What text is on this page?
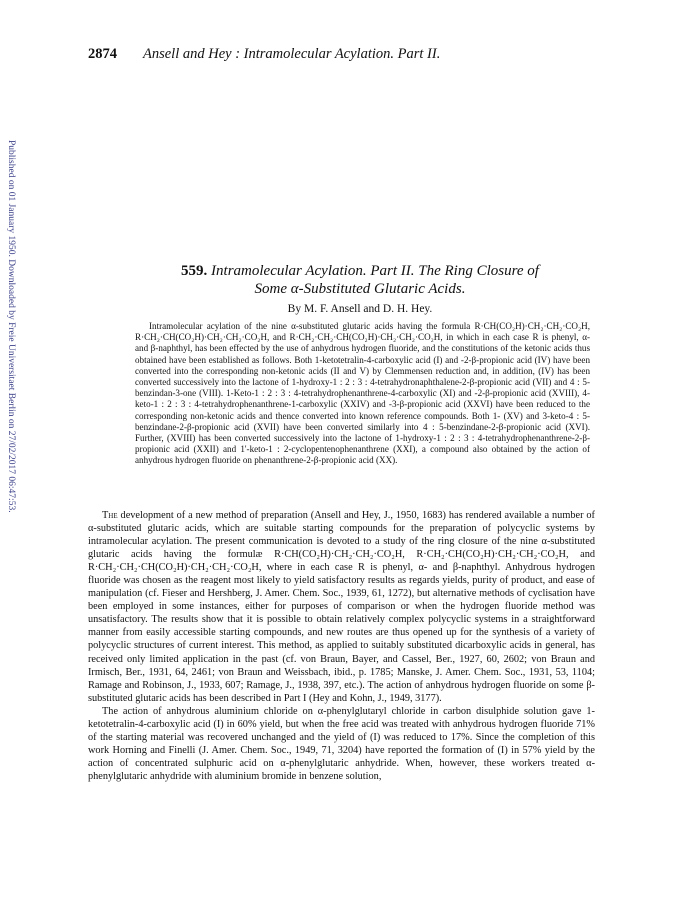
Published on 01 January 1950. Downloaded by Freie Universitaet Berlin on 27/02/2017 06:47:53.
2874 Ansell and Hey : Intramolecular Acylation. Part II.
559. Intramolecular Acylation. Part II. The Ring Closure of
Some α-Substituted Glutaric Acids.
By M. F. Ansell and D. H. Hey.

Intramolecular acylation of the nine α-substituted glutaric acids having the formula R·CH(CO₂H)·CH₂·CH₂·CO₂H, R·CH₂·CH(CO₂H)·CH₂·CH₂·CO₂H, and R·CH₂·CH₂·CH(CO₂H)·CH₂·CH₂·CO₂H, in which in each case R is phenyl, α- and β-naphthyl, has been effected by the use of anhydrous hydrogen fluoride, and the constitutions of the ketonic acids thus obtained have been established as follows. Both 1-ketotetralin-4-carboxylic acid (I) and -2-β-propionic acid (IV) have been converted into the corresponding non-ketonic acids (II and V) by Clemmensen reduction and, in addition, (IV) has been converted successively into the lactone of 1-hydroxy-1 : 2 : 3 : 4-tetrahydronaphthalene-2-β-propionic acid (VII) and 4 : 5-benzindan-3-one (VIII). 1-Keto-1 : 2 : 3 : 4-tetrahydrophenanthrene-4-carboxylic (XI) and -2-β-propionic acid (XVIII), 4-keto-1 : 2 : 3 : 4-tetrahydrophenanthrene-1-carboxylic (XXIV) and -3-β-propionic acid (XXVI) have been reduced to the corresponding non-ketonic acids and thence converted into known reference compounds. Both 1- (XV) and 3-keto-4 : 5-benzindane-2-β-propionic acid (XVII) have been converted similarly into 4 : 5-benzindane-2-β-propionic acid (XVI). Further, (XVIII) has been converted successively into the lactone of 1-hydroxy-1 : 2 : 3 : 4-tetrahydrophenanthrene-2-β-propionic acid (XXII) and 1'-keto-1 : 2-cyclopentenophenanthrene (XXI), a compound also obtained by the action of anhydrous hydrogen fluoride on phenanthrene-2-β-propionic acid (XX).

The development of a new method of preparation (Ansell and Hey, J., 1950, 1683) has rendered available a number of α-substituted glutaric acids, which are suitable starting compounds for the preparation of polycyclic systems by intramolecular acylation. The present communication is devoted to a study of the ring closure of the nine α-substituted glutaric acids having the formulæ R·CH(CO₂H)·CH₂·CH₂·CO₂H, R·CH₂·CH(CO₂H)·CH₂·CH₂·CO₂H, and R·CH₂·CH₂·CH(CO₂H)·CH₂·CH₂·CO₂H, where in each case R is phenyl, α- and β-naphthyl. Anhydrous hydrogen fluoride was chosen as the reagent most likely to yield satisfactory results as regards yields, purity of product, and ease of manipulation (cf. Fieser and Hershberg, J. Amer. Chem. Soc., 1939, 61, 1272), but alternative methods of cyclisation have been employed in some instances, either for purposes of comparison or when the hydrogen fluoride method was unsatisfactory. The results show that it is possible to obtain relatively complex polycyclic systems in a straightforward manner from easily accessible starting compounds, and new routes are thus opened up for the synthesis of a variety of polycyclic structures of current interest. This method, as applied to suitably substituted dicarboxylic acids in general, has received only limited application in the past (cf. von Braun, Bayer, and Cassel, Ber., 1927, 60, 2602; von Braun and Irmisch, Ber., 1931, 64, 2461; von Braun and Weissbach, ibid., p. 1785; Manske, J. Amer. Chem. Soc., 1931, 53, 1104; Ramage and Robinson, J., 1933, 607; Ramage, J., 1938, 397, etc.). The action of anhydrous hydrogen fluoride on some β-substituted glutaric acids has been described in Part I (Hey and Kohn, J., 1949, 3177).

The action of anhydrous aluminium chloride on α-phenylglutaryl chloride in carbon disulphide solution gave 1-ketotetralin-4-carboxylic acid (I) in 60% yield, but when the free acid was treated with anhydrous hydrogen fluoride 71% of the starting material was recovered unchanged and the yield of (I) was reduced to 17%. Since the completion of this work Horning and Finelli (J. Amer. Chem. Soc., 1949, 71, 3204) have reported the formation of (I) in 57% yield by the action of concentrated sulphuric acid on α-phenylglutaric anhydride. When, however, these workers treated α-phenylglutaric anhydride with aluminium bromide in benzene solution,
